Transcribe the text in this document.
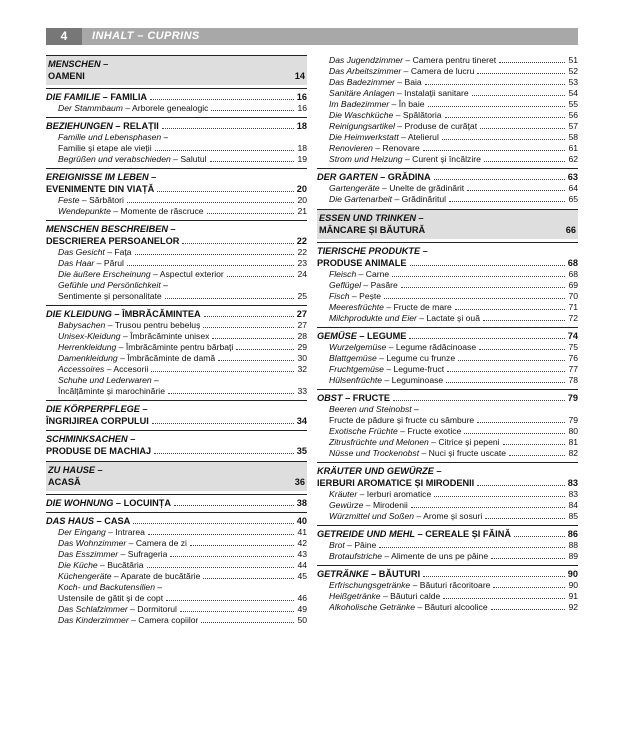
4	INHALT – CUPRINS
MENSCHEN –
OAMENI	14
DIE FAMILIE – FAMILIA	16
Der Stammbaum – Arborele genealogic	16
BEZIEHUNGEN – RELAȚII	18
Familie und Lebensphasen –
Familie și etape ale vieții	18
Begrüßen und verabschieden – Salutul	19
EREIGNISSE IM LEBEN –
EVENIMENTE DIN VIAȚĂ	20
Feste – Sărbători	20
Wendepunkte – Momente de răscruce	21
MENSCHEN BESCHREIBEN –
DESCRIEREA PERSOANELOR	22
Das Gesicht – Fața	22
Das Haar – Părul	23
Die äußere Erscheinung – Aspectul exterior	24
Gefühle und Persönlichkeit –
Sentimente și personalitate	25
DIE KLEIDUNG – ÎMBRĂCĂMINTEA	27
Babysachen – Trusou pentru bebeluș	27
Unisex-Kleidung – Îmbrăcăminte unisex	28
Herrenkleidung – Îmbrăcăminte pentru bărbați	29
Damenkleidung – Îmbrăcăminte de damă	30
Accessoires – Accesorii	32
Schuhe und Lederwaren –
Încălțăminte și marochinărie	33
DIE KÖRPERPFLEGE –
ÎNGRIJIREA CORPULUI	34
SCHMINKSACHEN –
PRODUSE DE MACHIAJ	35
ZU HAUSE –
ACASĂ	36
DIE WOHNUNG – LOCUINȚA	38
DAS HAUS – CASA	40
Der Eingang – Intrarea	41
Das Wohnzimmer – Camera de zi	42
Das Esszimmer – Sufrageria	43
Die Küche – Bucătăria	44
Küchengeräte – Aparate de bucătărie	45
Koch- und Backutensilien –
Ustensile de gătit și de copt	46
Das Schlafzimmer – Dormitorul	49
Das Kinderzimmer – Camera copiilor	50
Das Jugendzimmer – Camera pentru tineret	51
Das Arbeitszimmer – Camera de lucru	52
Das Badezimmer – Baia	53
Sanitäre Anlagen – Instalații sanitare	54
Im Badezimmer – În baie	55
Die Waschküche – Spălătoria	56
Reinigungsartikel – Produse de curățat	57
Die Heimwerkstatt – Atelierul	58
Renovieren – Renovare	61
Strom und Heizung – Curent și încălzire	62
DER GARTEN – GRĂDINA	63
Gartengeräte – Unelte de grădinărit	64
Die Gartenarbeit – Grădinăritul	65
ESSEN UND TRINKEN –
MÂNCARE ȘI BĂUTURĂ	66
TIERISCHE PRODUKTE –
PRODUSE ANIMALE	68
Fleisch – Carne	68
Geflügel – Pasăre	69
Fisch – Pește	70
Meeresfrüchte – Fructe de mare	71
Milchprodukte und Eier – Lactate și ouă	72
GEMÜSE – LEGUME	74
Wurzelgemüse – Legume rădăcinoase	75
Blattgemüse – Legume cu frunze	76
Fruchtgemüse – Legume-fruct	77
Hülsenfrüchte – Leguminoase	78
OBST – FRUCTE	79
Beeren und Steinobst –
Fructe de pădure și fructe cu sâmbure	79
Exotische Früchte – Fructe exotice	80
Zitrusfrüchte und Melonen – Citrice și pepeni	81
Nüsse und Trockenobst – Nuci și fructe uscate	82
KRÄUTER UND GEWÜRZE –
IERBURI AROMATICE ȘI MIRODENII	83
Kräuter – Ierburi aromatice	83
Gewürze – Mirodenii	84
Würzmittel und Soßen – Arome și sosuri	85
GETREIDE UND MEHL – CEREALE ȘI FĂINĂ	86
Brot – Pâine	88
Brotaufstriche – Alimente de uns pe pâine	89
GETRÄNKE – BĂUTURI	90
Erfrischungsgetränke – Băuturi răcoritoare	90
Heißgetränke – Băuturi calde	91
Alkoholische Getränke – Băuturi alcoolice	92
